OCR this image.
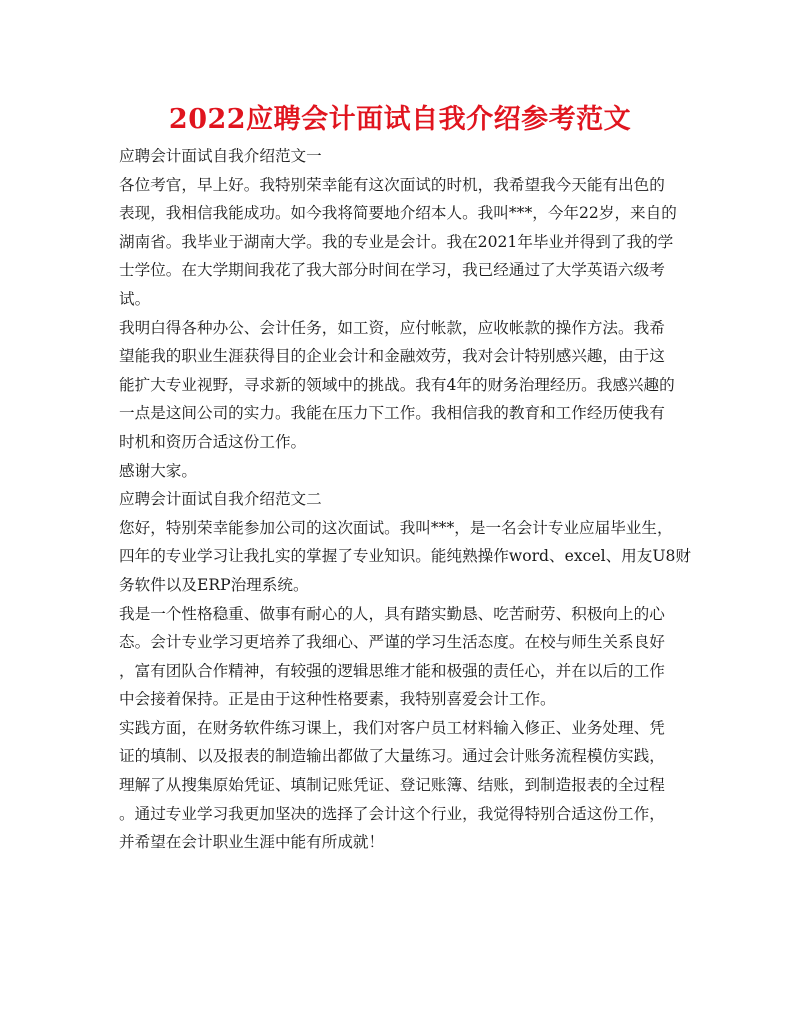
2022应聘会计面试自我介绍参考范文

应聘会计面试自我介绍范文一

各位考官，早上好。我特别荣幸能有这次面试的时机，我希望我今天能有出色的

表现，我相信我能成功。如今我将简要地介绍本人。我叫***，今年22岁，来自的

湖南省。我毕业于湖南大学。我的专业是会计。我在2021年毕业并得到了我的学

士学位。在大学期间我花了我大部分时间在学习，我已经通过了大学英语六级考

试。

我明白得各种办公、会计任务，如工资，应付帐款，应收帐款的操作方法。我希

望能我的职业生涯获得目的企业会计和金融效劳，我对会计特别感兴趣，由于这

能扩大专业视野，寻求新的领域中的挑战。我有4年的财务治理经历。我感兴趣的

一点是这间公司的实力。我能在压力下工作。我相信我的教育和工作经历使我有

时机和资历合适这份工作。

感谢大家。

应聘会计面试自我介绍范文二

您好，特别荣幸能参加公司的这次面试。我叫***，是一名会计专业应届毕业生，

四年的专业学习让我扎实的掌握了专业知识。能纯熟操作word、excel、用友U8财

务软件以及ERP治理系统。

我是一个性格稳重、做事有耐心的人，具有踏实勤恳、吃苦耐劳、积极向上的心

态。会计专业学习更培养了我细心、严谨的学习生活态度。在校与师生关系良好

，富有团队合作精神，有较强的逻辑思维才能和极强的责任心，并在以后的工作

中会接着保持。正是由于这种性格要素，我特别喜爱会计工作。

实践方面，在财务软件练习课上，我们对客户员工材料输入修正、业务处理、凭

证的填制、以及报表的制造输出都做了大量练习。通过会计账务流程模仿实践，

理解了从搜集原始凭证、填制记账凭证、登记账簿、结账，到制造报表的全过程

。通过专业学习我更加坚决的选择了会计这个行业，我觉得特别合适这份工作，

并希望在会计职业生涯中能有所成就！
